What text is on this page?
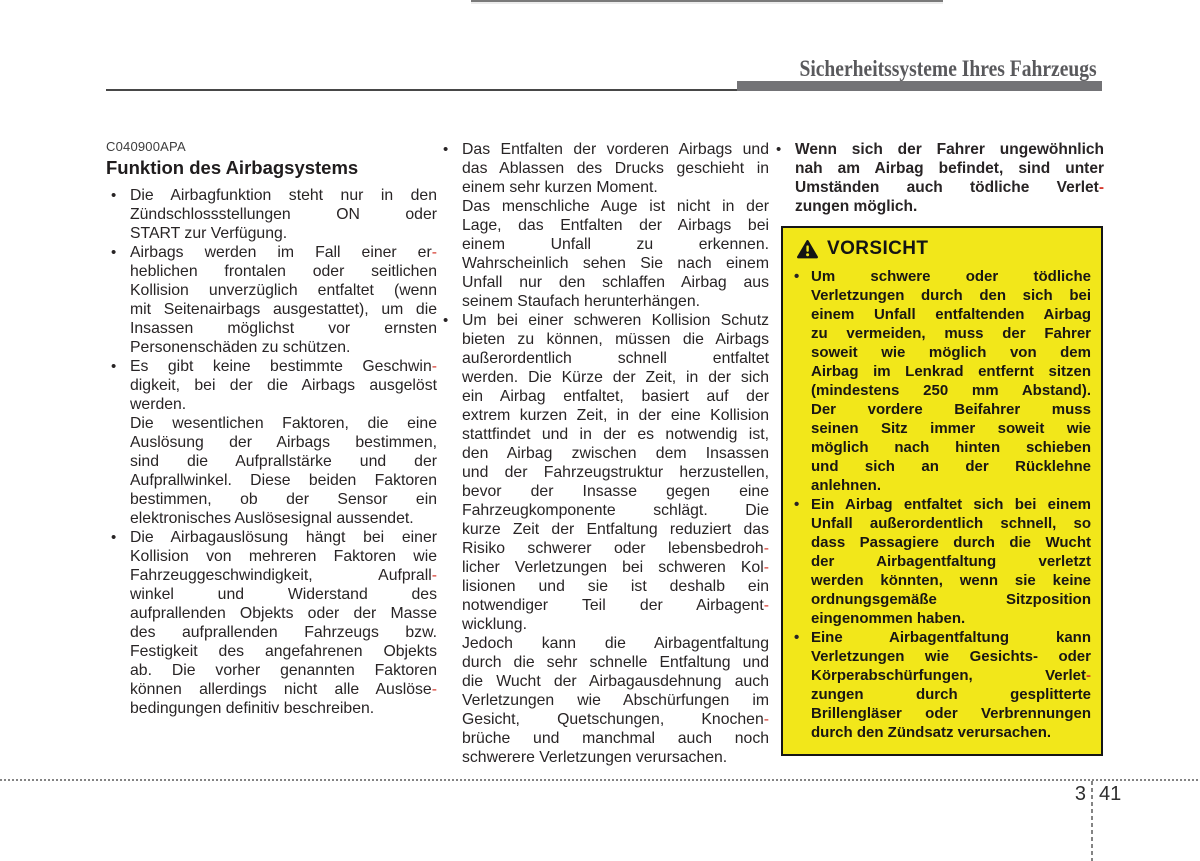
Sicherheitssysteme Ihres Fahrzeugs
C040900APA
Funktion des Airbagsystems
• Die Airbagfunktion steht nur in den
Zündschlossstellungen ON oder
START zur Verfügung.
• Airbags werden im Fall einer er-
heblichen frontalen oder seitlichen
Kollision unverzüglich entfaltet (wenn
mit Seitenairbags ausgestattet), um die
Insassen möglichst vor ernsten
Personenschäden zu schützen.
• Es gibt keine bestimmte Geschwin-
digkeit, bei der die Airbags ausgelöst
werden.
Die wesentlichen Faktoren, die eine
Auslösung der Airbags bestimmen,
sind die Aufprallstärke und der
Aufprallwinkel. Diese beiden Faktoren
bestimmen, ob der Sensor ein
elektronisches Auslösesignal aussendet.
• Die Airbagauslösung hängt bei einer
Kollision von mehreren Faktoren wie
Fahrzeuggeschwindigkeit, Aufprall-
winkel und Widerstand des
aufprallenden Objekts oder der Masse
des aufprallenden Fahrzeugs bzw.
Festigkeit des angefahrenen Objekts
ab. Die vorher genannten Faktoren
können allerdings nicht alle Auslöse-
bedingungen definitiv beschreiben.
• Das Entfalten der vorderen Airbags und
das Ablassen des Drucks geschieht in
einem sehr kurzen Moment.
Das menschliche Auge ist nicht in der
Lage, das Entfalten der Airbags bei
einem Unfall zu erkennen.
Wahrscheinlich sehen Sie nach einem
Unfall nur den schlaffen Airbag aus
seinem Staufach herunterhängen.
• Um bei einer schweren Kollision Schutz
bieten zu können, müssen die Airbags
außerordentlich schnell entfaltet
werden. Die Kürze der Zeit, in der sich
ein Airbag entfaltet, basiert auf der
extrem kurzen Zeit, in der eine Kollision
stattfindet und in der es notwendig ist,
den Airbag zwischen dem Insassen
und der Fahrzeugstruktur herzustellen,
bevor der Insasse gegen eine
Fahrzeugkomponente schlägt. Die
kurze Zeit der Entfaltung reduziert das
Risiko schwerer oder lebensbedroh-
licher Verletzungen bei schweren Kol-
lisionen und sie ist deshalb ein
notwendiger Teil der Airbagent-
wicklung.
Jedoch kann die Airbagentfaltung
durch die sehr schnelle Entfaltung und
die Wucht der Airbagausdehnung auch
Verletzungen wie Abschürfungen im
Gesicht, Quetschungen, Knochen-
brüche und manchmal auch noch
schwerere Verletzungen verursachen.
• Wenn sich der Fahrer ungewöhnlich
nah am Airbag befindet, sind unter
Umständen auch tödliche Verlet-
zungen möglich.
VORSICHT
• Um schwere oder tödliche
Verletzungen durch den sich bei
einem Unfall entfaltenden Airbag
zu vermeiden, muss der Fahrer
soweit wie möglich von dem
Airbag im Lenkrad entfernt sitzen
(mindestens 250 mm Abstand).
Der vordere Beifahrer muss
seinen Sitz immer soweit wie
möglich nach hinten schieben
und sich an der Rücklehne
anlehnen.
• Ein Airbag entfaltet sich bei einem
Unfall außerordentlich schnell, so
dass Passagiere durch die Wucht
der Airbagentfaltung verletzt
werden könnten, wenn sie keine
ordnungsgemäße Sitzposition
eingenommen haben.
• Eine Airbagentfaltung kann
Verletzungen wie Gesichts- oder
Körperabschürfungen, Verlet-
zungen durch gesplitterte
Brillengläser oder Verbrennungen
durch den Zündsatz verursachen.
3 41
